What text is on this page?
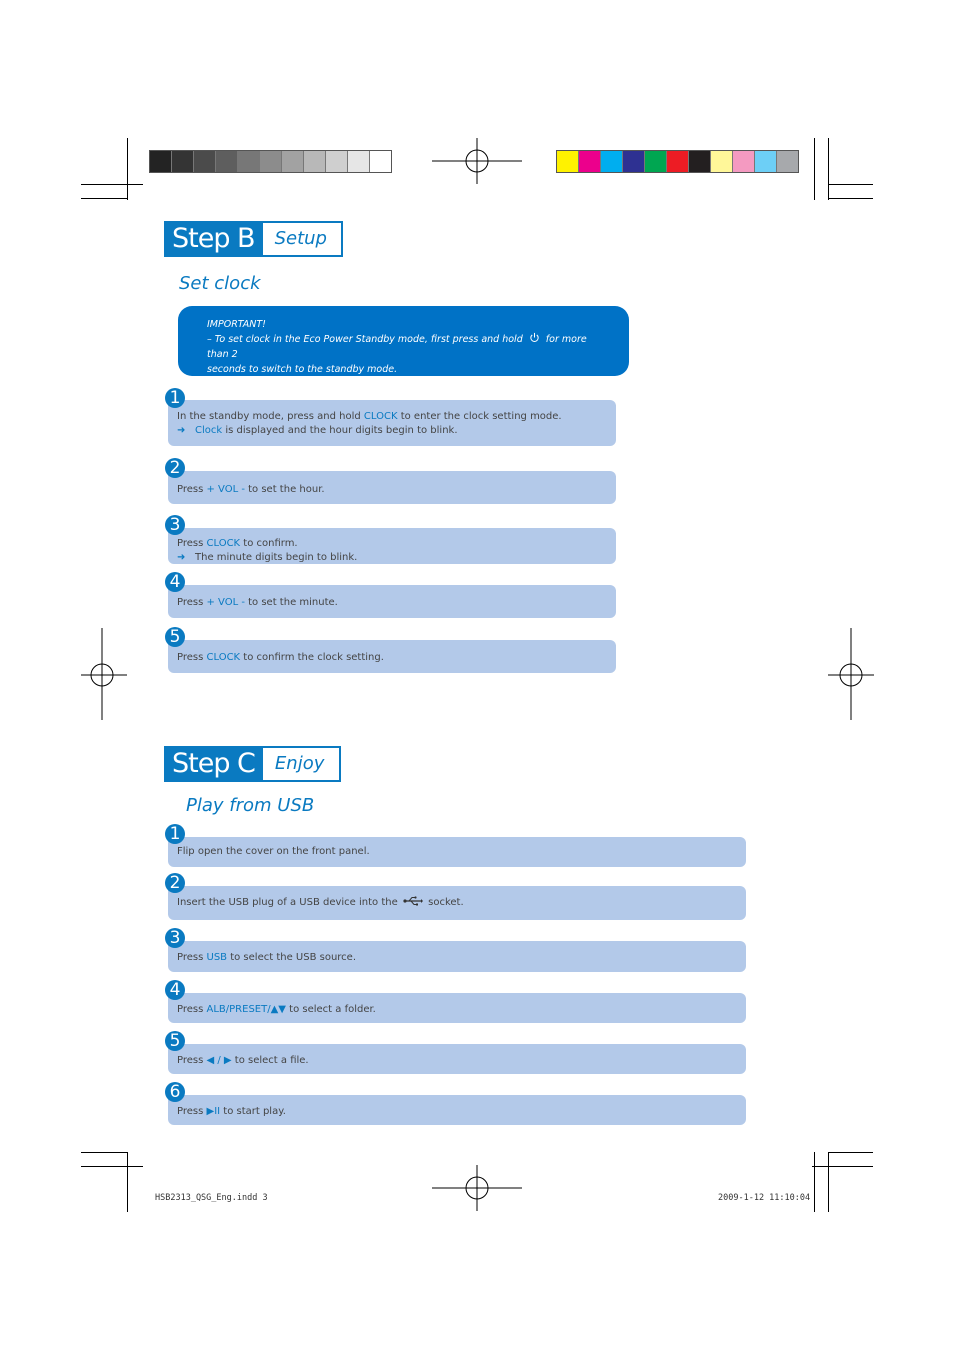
Step B	Setup
Set clock
IMPORTANT!
– To set clock in the Eco Power Standby mode, first press and hold for more than 2
seconds to switch to the standby mode.
1
In the standby mode, press and hold CLOCK to enter the clock setting mode.
➜ Clock is displayed and the hour digits begin to blink.
2
Press + VOL - to set the hour.
3
Press CLOCK to confirm.
➜ The minute digits begin to blink.
4
Press + VOL - to set the minute.
5
Press CLOCK to confirm the clock setting.
Step C	Enjoy
Play from USB
1
Flip open the cover on the front panel.
2
Insert the USB plug of a USB device into the	socket.
3
Press USB to select the USB source.
4
Press ALB/PRESET/▲▼ to select a folder.
5
Press ◀ / ▶ to select a file.
6
Press ▶II to start play.
HSB2313_QSG_Eng.indd 3	2009-1-12 11:10:04
